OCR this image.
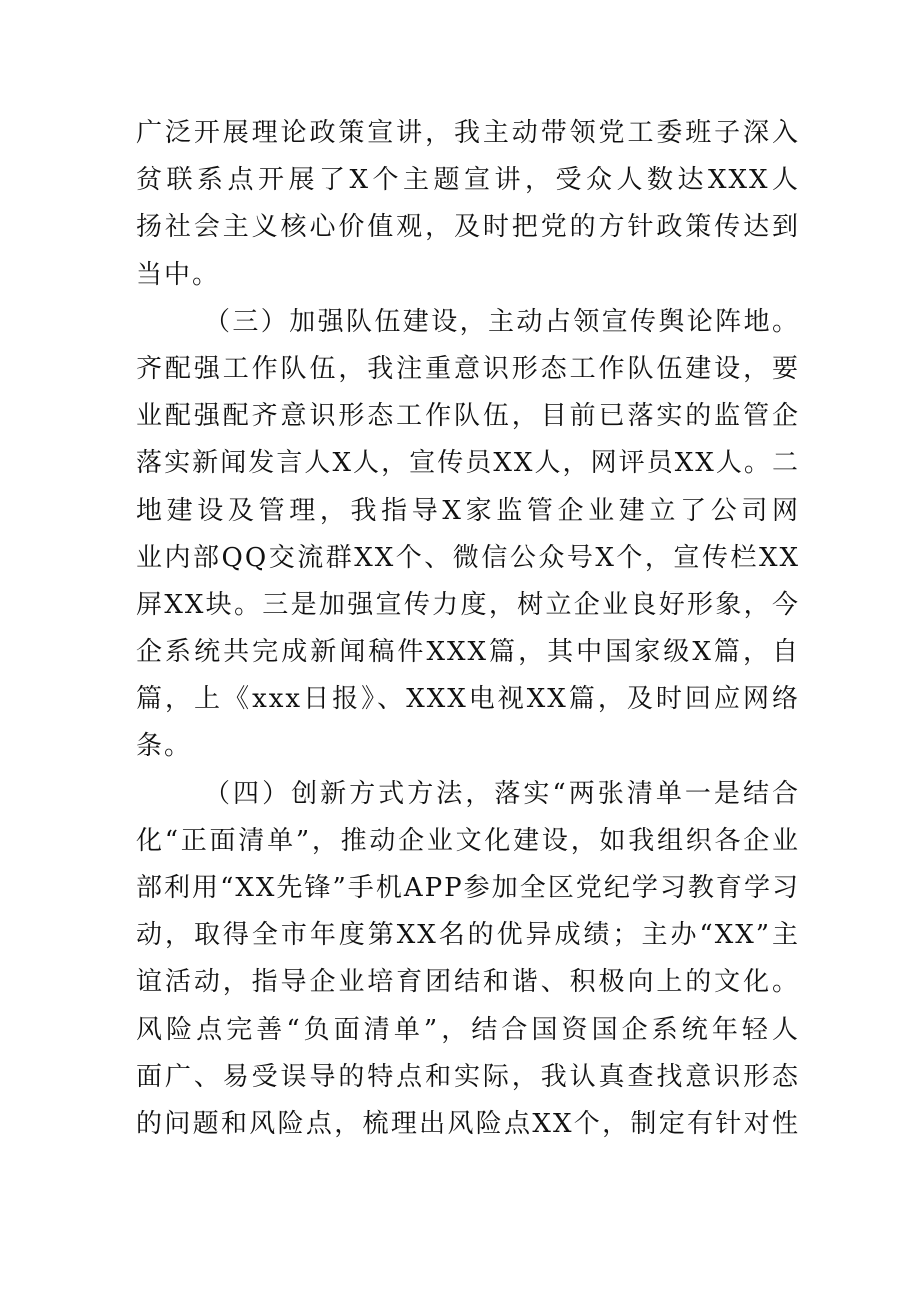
广泛开展理论政策宣讲，我主动带领党工委班子深入
贫联系点开展了X个主题宣讲，受众人数达XXX人
扬社会主义核心价值观，及时把党的方针政策传达到
当中。
（三）加强队伍建设，主动占领宣传舆论阵地。
齐配强工作队伍，我注重意识形态工作队伍建设，要
业配强配齐意识形态工作队伍，目前已落实的监管企
落实新闻发言人X人，宣传员XX人，网评员XX人。二
地建设及管理，我指导X家监管企业建立了公司网
业内部QQ交流群XX个、微信公众号X个，宣传栏XX
屏XX块。三是加强宣传力度，树立企业良好形象，今
企系统共完成新闻稿件XXX篇，其中国家级X篇，自
篇，上《xxx日报》、XXX电视XX篇，及时回应网络
条。
（四）创新方式方法，落实“两张清单一是结合
化“正面清单”，推动企业文化建设，如我组织各企业
部利用“XX先锋”手机APP参加全区党纪学习教育学习
动，取得全市年度第XX名的优异成绩；主办“XX”主
谊活动，指导企业培育团结和谐、积极向上的文化。
风险点完善“负面清单”，结合国资国企系统年轻人
面广、易受误导的特点和实际，我认真查找意识形态
的问题和风险点，梳理出风险点XX个，制定有针对性
